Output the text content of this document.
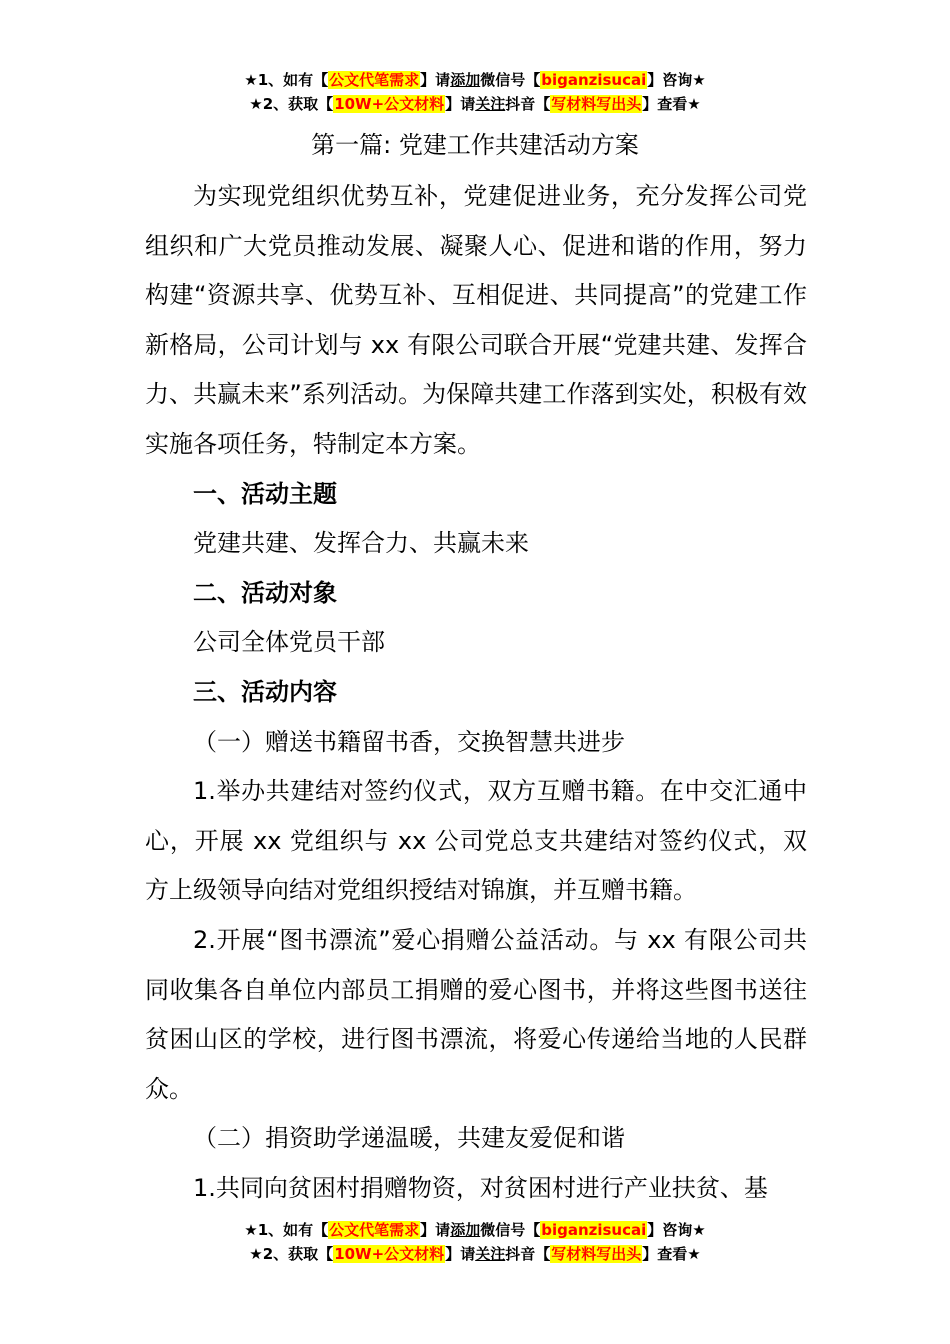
★1、如有【公文代笔需求】请添加微信号【biganzisucai】咨询★
★2、获取【10W+公文材料】请关注抖音【写材料写出头】查看★
第一篇: 党建工作共建活动方案

为实现党组织优势互补，党建促进业务，充分发挥公司党组织和广大党员推动发展、凝聚人心、促进和谐的作用，努力构建“资源共享、优势互补、互相促进、共同提高”的党建工作新格局，公司计划与 xx 有限公司联合开展“党建共建、发挥合力、共赢未来”系列活动。为保障共建工作落到实处，积极有效实施各项任务，特制定本方案。

一、活动主题

党建共建、发挥合力、共赢未来

二、活动对象

公司全体党员干部

三、活动内容

（一）赠送书籍留书香，交换智慧共进步

1.举办共建结对签约仪式，双方互赠书籍。在中交汇通中心，开展 xx 党组织与 xx 公司党总支共建结对签约仪式，双方上级领导向结对党组织授结对锦旗，并互赠书籍。

2.开展“图书漂流”爱心捐赠公益活动。与 xx 有限公司共同收集各自单位内部员工捐赠的爱心图书，并将这些图书送往贫困山区的学校，进行图书漂流，将爱心传递给当地的人民群众。

（二）捐资助学递温暖，共建友爱促和谐

1.共同向贫困村捐赠物资，对贫困村进行产业扶贫、基

★1、如有【公文代笔需求】请添加微信号【biganzisucai】咨询★
★2、获取【10W+公文材料】请关注抖音【写材料写出头】查看★
